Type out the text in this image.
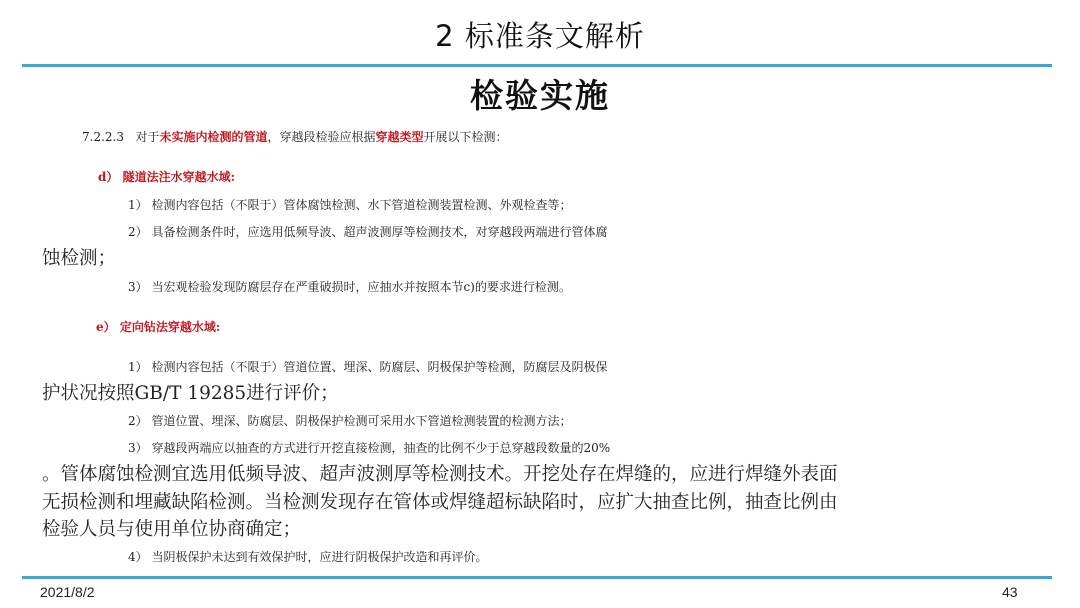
2 标准条文解析
检验实施
7.2.2.3 对于未实施内检测的管道，穿越段检验应根据穿越类型开展以下检测：
d） 隧道法注水穿越水域:
1） 检测内容包括（不限于）管体腐蚀检测、水下管道检测装置检测、外观检查等；
2） 具备检测条件时，应选用低频导波、超声波测厚等检测技术，对穿越段两端进行管体腐
蚀检测；
3） 当宏观检验发现防腐层存在严重破损时，应抽水并按照本节c)的要求进行检测。
e） 定向钻法穿越水域:
1） 检测内容包括（不限于）管道位置、埋深、防腐层、阴极保护等检测，防腐层及阴极保
护状况按照GB/T 19285进行评价；
2） 管道位置、埋深、防腐层、阴极保护检测可采用水下管道检测装置的检测方法；
3） 穿越段两端应以抽查的方式进行开挖直接检测，抽查的比例不少于总穿越段数量的20%
。管体腐蚀检测宜选用低频导波、超声波测厚等检测技术。开挖处存在焊缝的，应进行焊缝外表面
无损检测和埋藏缺陷检测。当检测发现存在管体或焊缝超标缺陷时，应扩大抽查比例，抽查比例由
检验人员与使用单位协商确定；
4） 当阴极保护未达到有效保护时，应进行阴极保护改造和再评价。
2021/8/2	43
